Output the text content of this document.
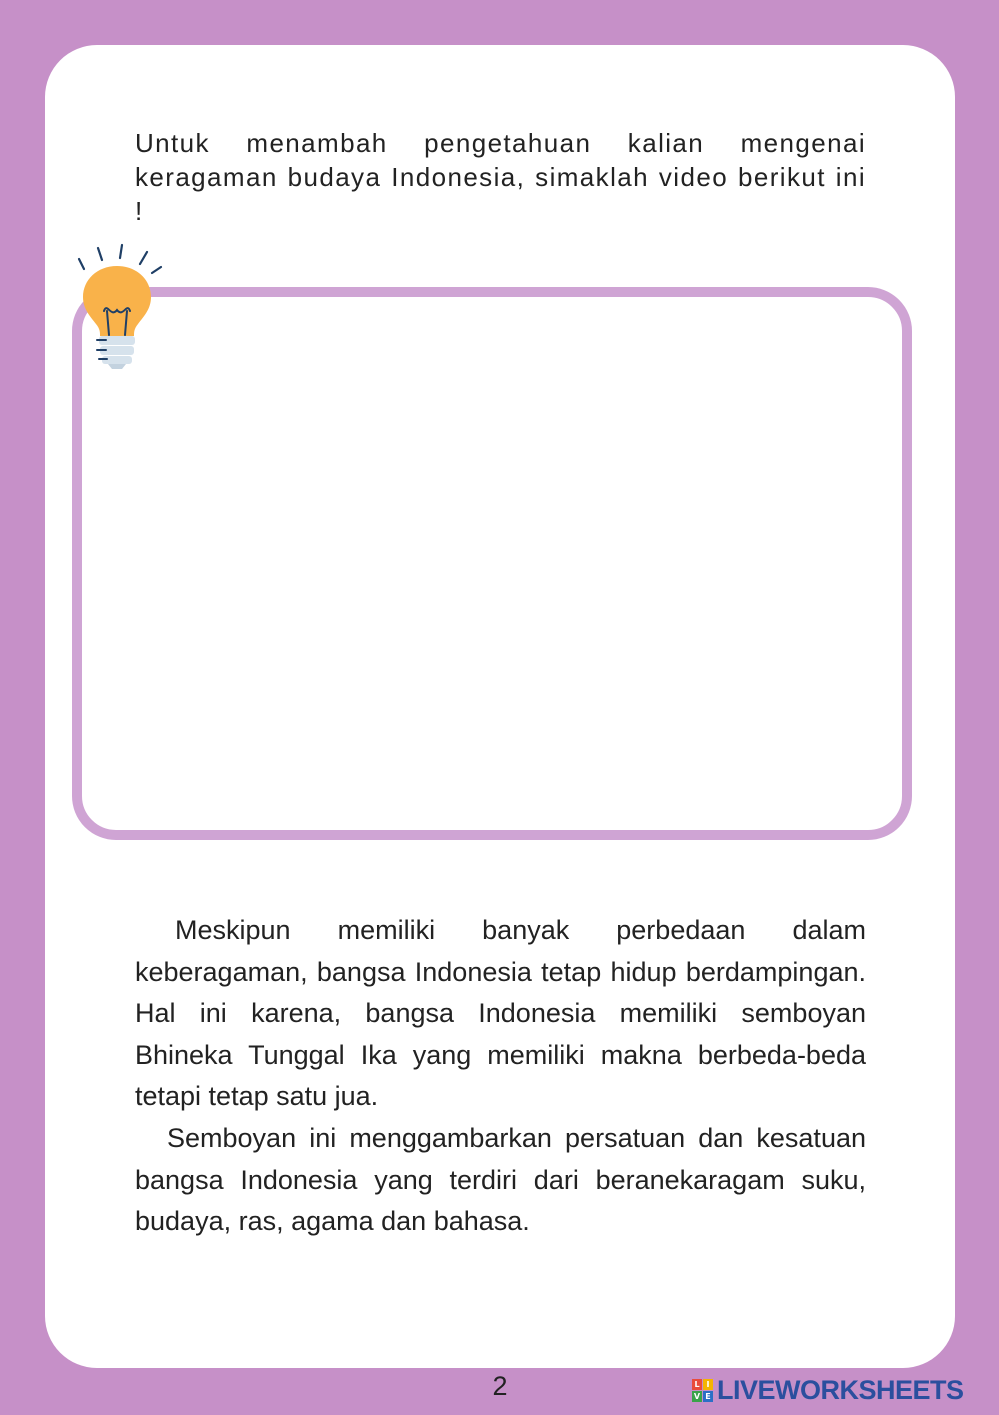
Untuk menambah pengetahuan kalian mengenai keragaman budaya Indonesia, simaklah video berikut ini !

Meskipun memiliki banyak perbedaan dalam keberagaman, bangsa Indonesia tetap hidup berdampingan. Hal ini karena, bangsa Indonesia memiliki semboyan Bhineka Tunggal Ika yang memiliki makna berbeda-beda tetapi tetap satu jua.

Semboyan ini menggambarkan persatuan dan kesatuan bangsa Indonesia yang terdiri dari beranekaragam suku, budaya, ras, agama dan bahasa.

2	L I
V E LIVEWORKSHEETS
